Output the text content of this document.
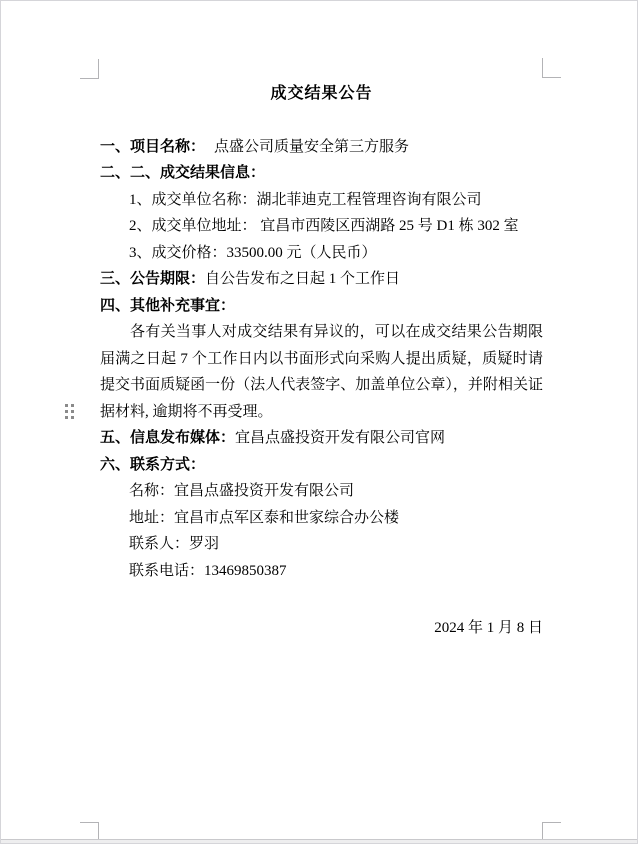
成交结果公告

一、项目名称： 点盛公司质量安全第三方服务

二、二、成交结果信息：

1、成交单位名称：湖北菲迪克工程管理咨询有限公司

2、成交单位地址： 宜昌市西陵区西湖路 25 号 D1 栋 302 室

3、成交价格：33500.00 元（人民币）

三、公告期限：自公告发布之日起 1 个工作日

四、其他补充事宜：

各有关当事人对成交结果有异议的，可以在成交结果公告期限届满之日起 7 个工作日内以书面形式向采购人提出质疑，质疑时请提交书面质疑函一份（法人代表签字、加盖单位公章），并附相关证据材料, 逾期将不再受理。

五、信息发布媒体：宜昌点盛投资开发有限公司官网

六、联系方式：

名称：宜昌点盛投资开发有限公司

地址：宜昌市点军区泰和世家综合办公楼

联系人：罗羽

联系电话：13469850387

2024 年 1 月 8 日
